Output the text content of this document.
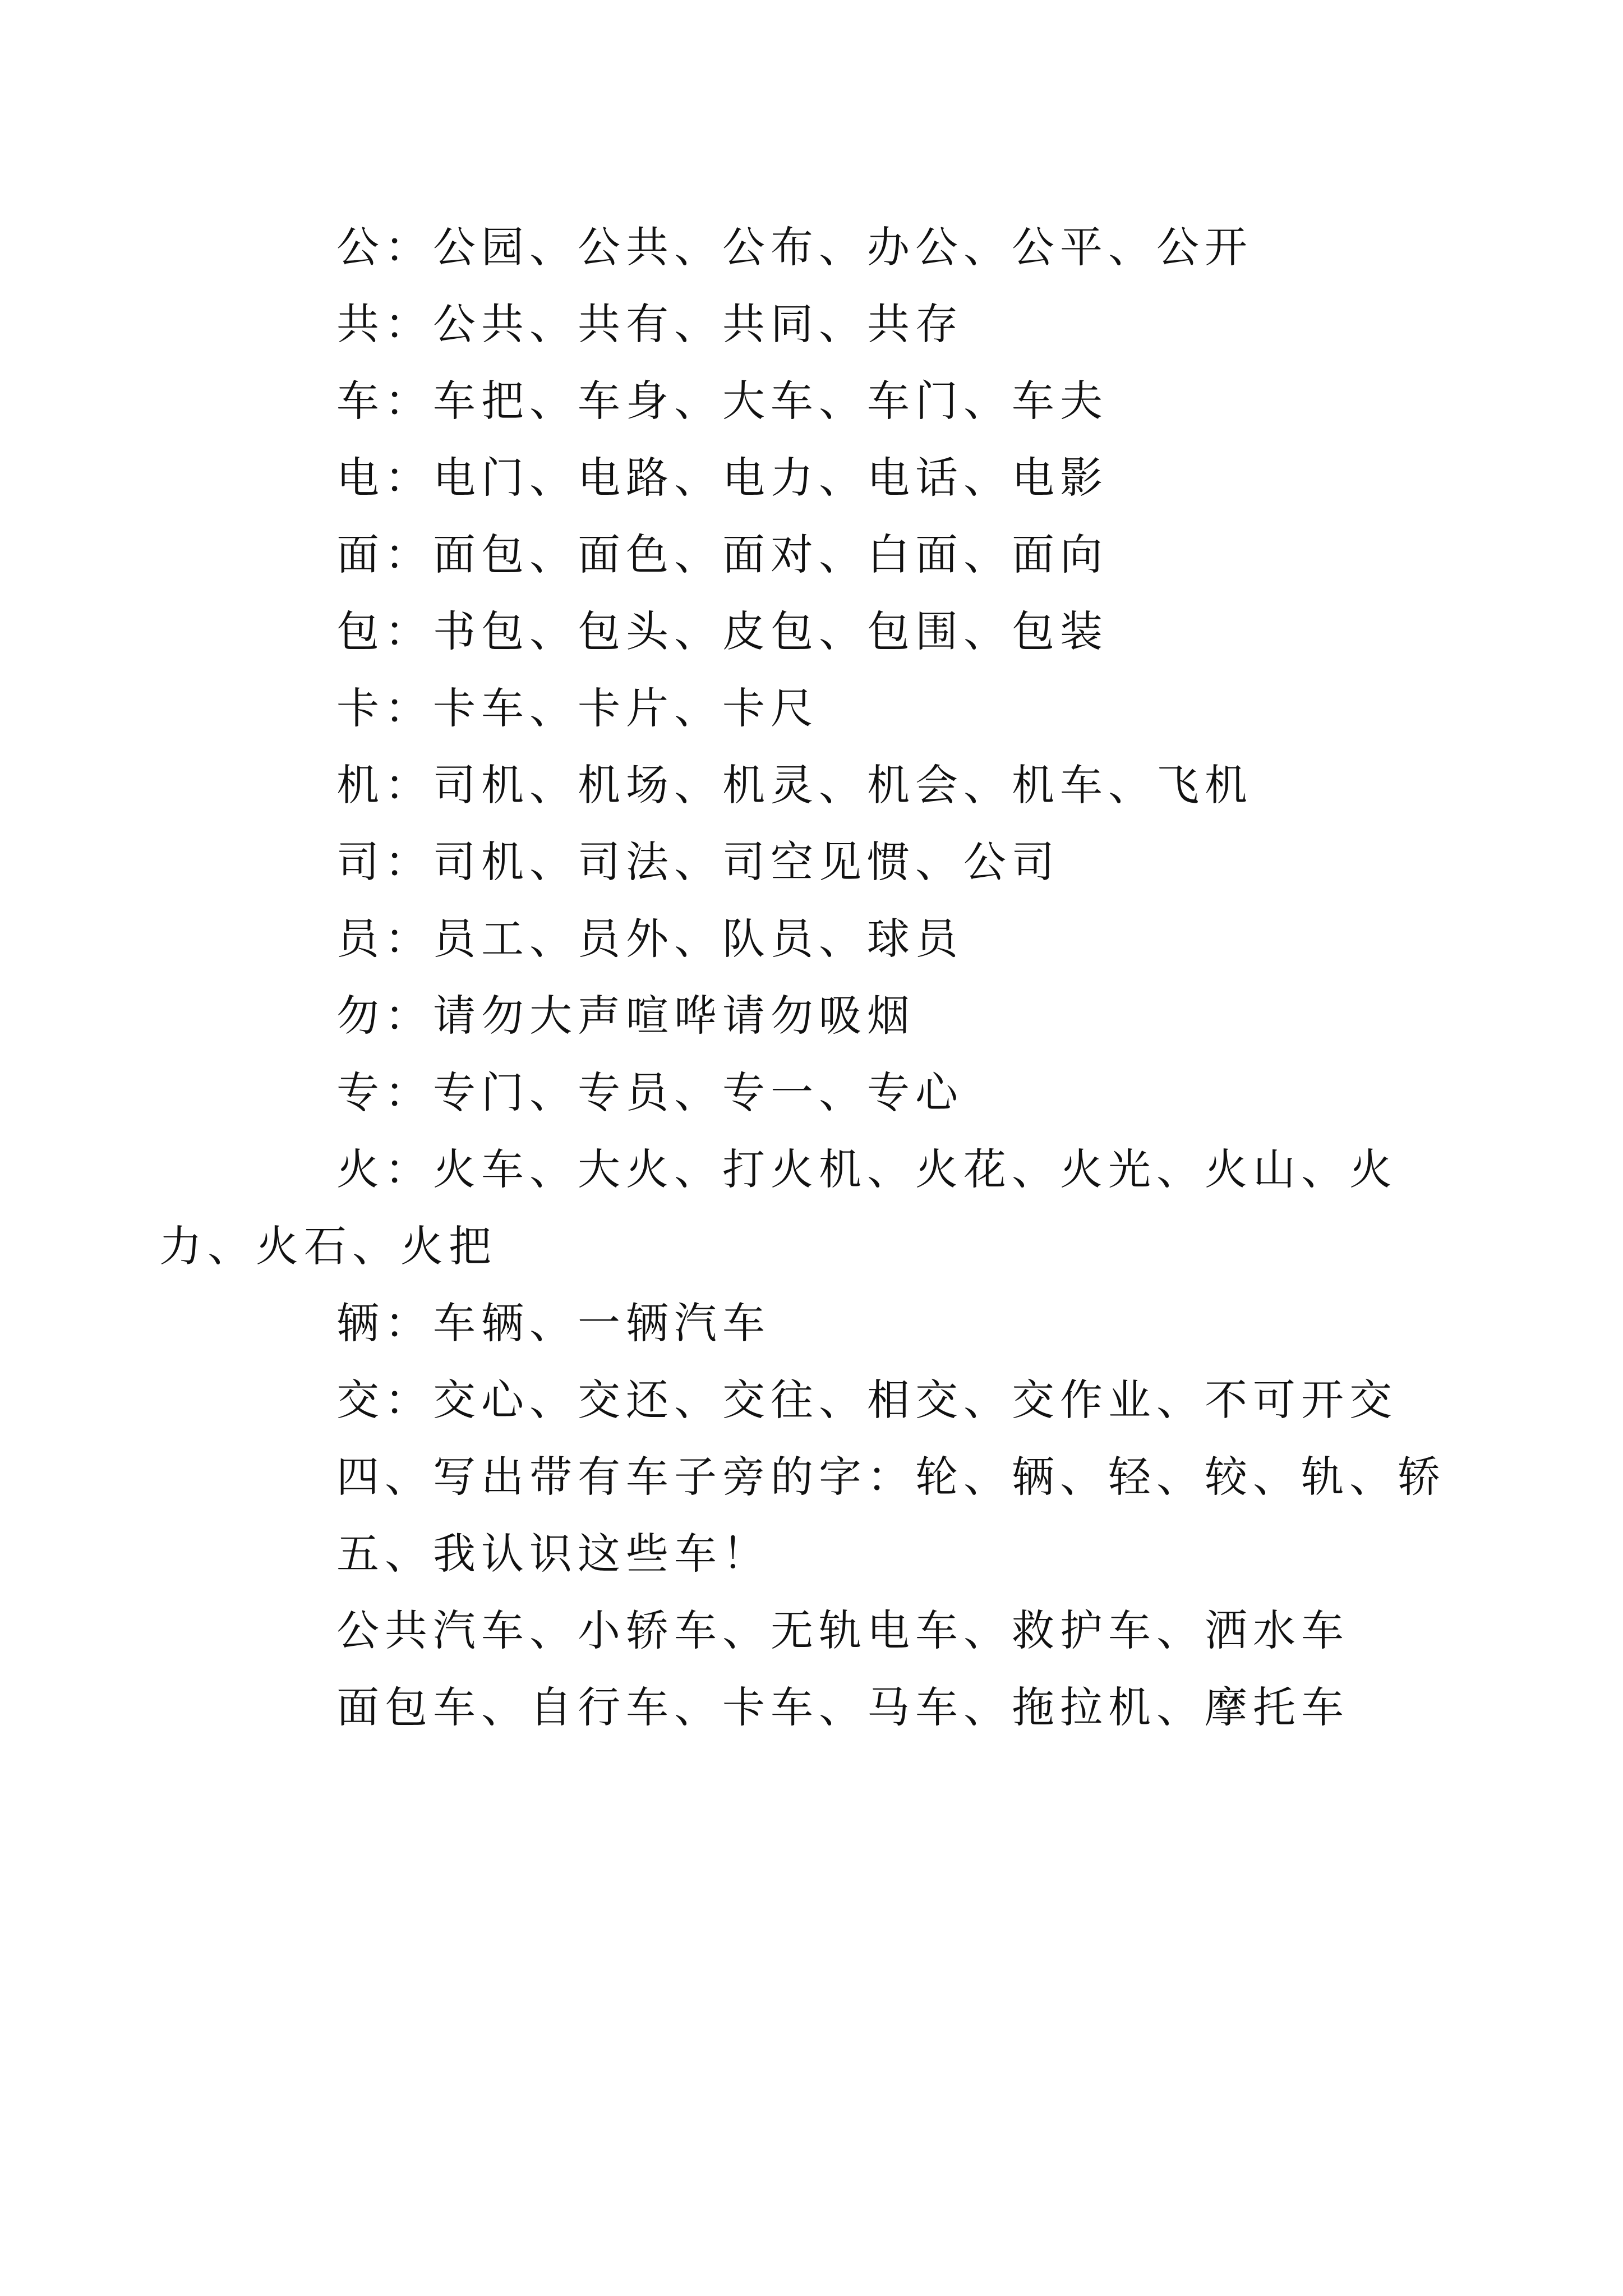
公：公园、公共、公布、办公、公平、公开

共：公共、共有、共同、共存

车：车把、车身、大车、车门、车夫

电：电门、电路、电力、电话、电影

面：面包、面色、面对、白面、面向

包：书包、包头、皮包、包围、包装

卡：卡车、卡片、卡尺

机：司机、机场、机灵、机会、机车、飞机

司：司机、司法、司空见惯、公司

员：员工、员外、队员、球员

勿：请勿大声喧哗请勿吸烟

专：专门、专员、专一、专心

火：火车、大火、打火机、火花、火光、火山、火力、火石、火把

辆：车辆、一辆汽车

交：交心、交还、交往、相交、交作业、不可开交

四、写出带有车子旁的字：轮、辆、轻、较、轨、轿

五、我认识这些车！

公共汽车、小轿车、无轨电车、救护车、洒水车

面包车、自行车、卡车、马车、拖拉机、摩托车
